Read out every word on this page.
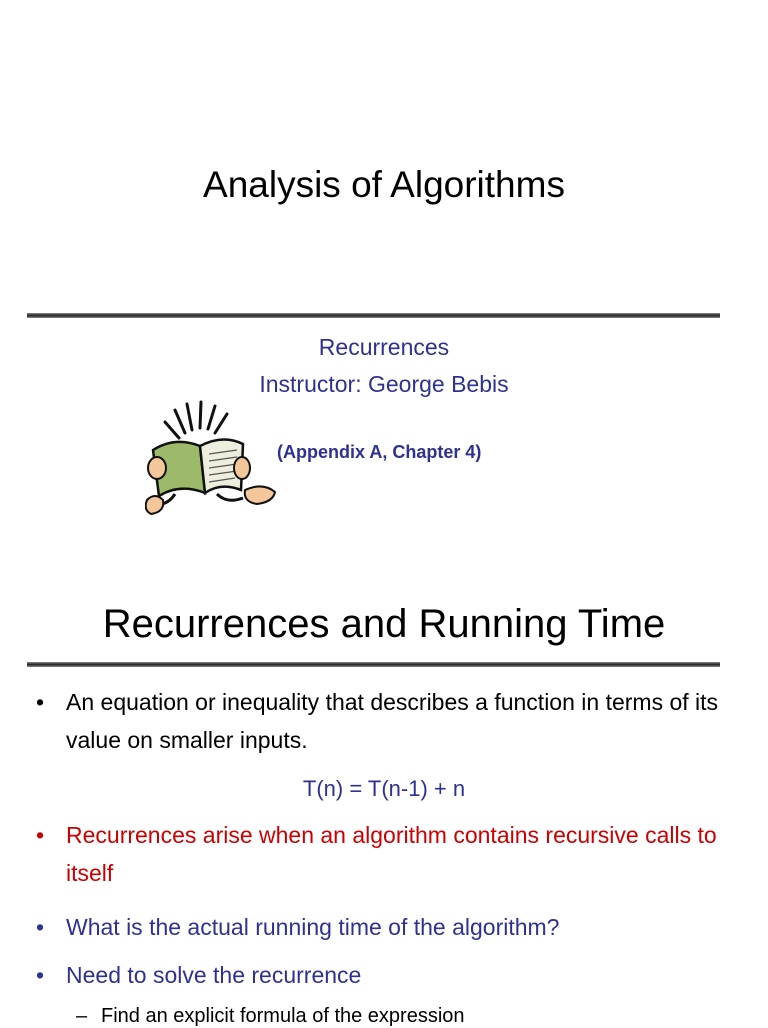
Analysis of Algorithms
Recurrences
Instructor: George Bebis
(Appendix A, Chapter 4)
Recurrences and Running Time
• An equation or inequality that describes a function in terms of its value on smaller inputs.
T(n) = T(n-1) + n
• Recurrences arise when an algorithm contains recursive calls to itself
• What is the actual running time of the algorithm?
• Need to solve the recurrence
– Find an explicit formula of the expression
